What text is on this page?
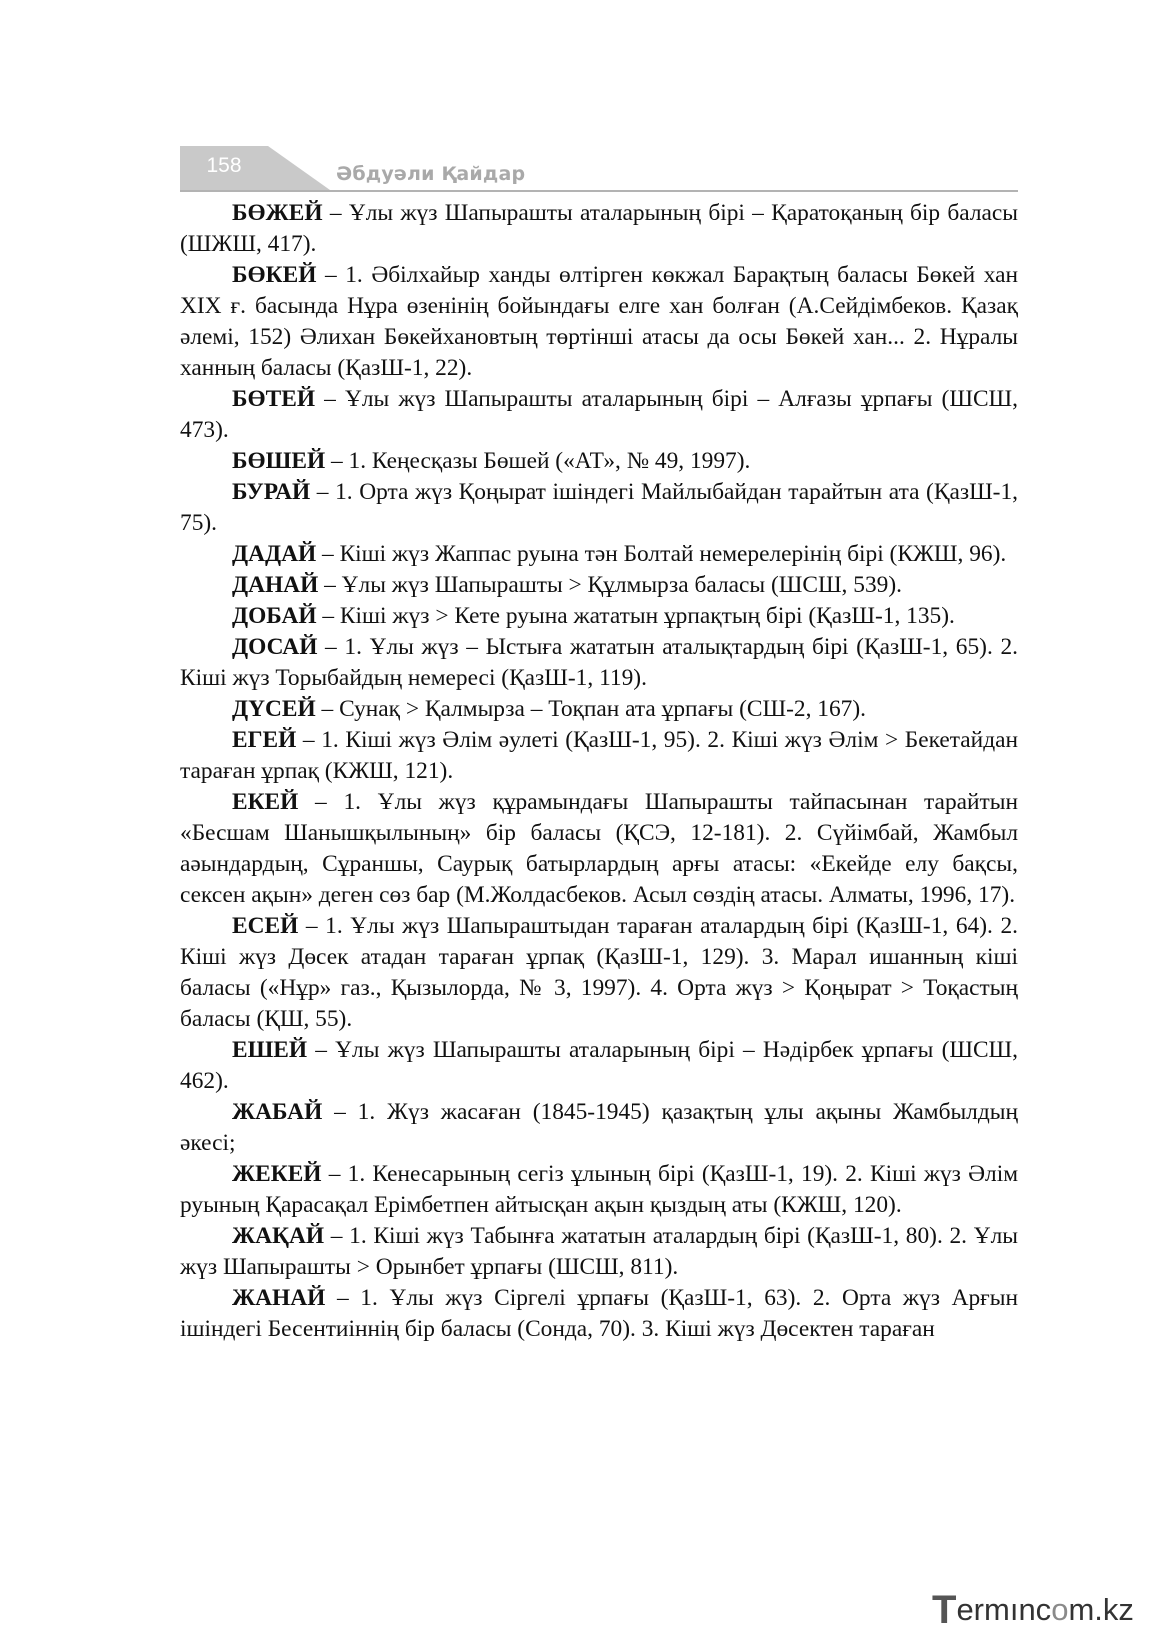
158	Әбдуәли Қайдар

БӨЖЕЙ – Ұлы жүз Шапырашты аталарының бірі – Қаратоқаның бір баласы (ШЖШ, 417).

БӨКЕЙ – 1. Әбілхайыр ханды өлтірген көкжал Барақтың баласы Бөкей хан XIX ғ. басында Нұра өзенінің бойындағы елге хан болған (А.Сейдімбеков. Қазақ әлемі, 152) Әлихан Бөкейхановтың төртінші атасы да осы Бөкей хан... 2. Нұралы ханның баласы (ҚазШ-1, 22).

БӨТЕЙ – Ұлы жүз Шапырашты аталарының бірі – Алғазы ұрпағы (ШСШ, 473).

БӨШЕЙ – 1. Кеңесқазы Бөшей («АТ», № 49, 1997).

БУРАЙ – 1. Орта жүз Қоңырат ішіндегі Майлыбайдан тарайтын ата (ҚазШ-1, 75).

ДАДАЙ – Кіші жүз Жаппас руына тән Болтай немерелерінің бірі (КЖШ, 96).

ДАНАЙ – Ұлы жүз Шапырашты > Құлмырза баласы (ШСШ, 539).

ДОБАЙ – Кіші жүз > Кете руына жататын ұрпақтың бірі (ҚазШ-1, 135).

ДОСАЙ – 1. Ұлы жүз – Ыстыға жататын аталықтардың бірі (ҚазШ-1, 65). 2. Кіші жүз Торыбайдың немересі (ҚазШ-1, 119).

ДҮСЕЙ – Сунақ > Қалмырза – Тоқпан ата ұрпағы (СШ-2, 167).

ЕГЕЙ – 1. Кіші жүз Әлім әулеті (ҚазШ-1, 95). 2. Кіші жүз Әлім > Бекетайдан тараған ұрпақ (КЖШ, 121).

ЕКЕЙ – 1. Ұлы жүз құрамындағы Шапырашты тайпасынан тарайтын «Бесшам Шанышқылының» бір баласы (ҚСЭ, 12-181). 2. Сүйімбай, Жамбыл аәындардың, Сұраншы, Саурық батырлардың арғы атасы: «Екейде елу бақсы, сексен ақын» деген сөз бар (М.Жолдасбеков. Асыл сөздің атасы. Алматы, 1996, 17).

ЕСЕЙ – 1. Ұлы жүз Шапыраштыдан тараған аталардың бірі (ҚазШ-1, 64). 2. Кіші жүз Дөсек атадан тараған ұрпақ (ҚазШ-1, 129). 3. Марал ишанның кіші баласы («Нұр» газ., Қызылорда, № 3, 1997). 4. Орта жүз > Қоңырат > Тоқастың баласы (ҚШ, 55).

ЕШЕЙ – Ұлы жүз Шапырашты аталарының бірі – Нәдірбек ұрпағы (ШСШ, 462).

ЖАБАЙ – 1. Жүз жасаған (1845-1945) қазақтың ұлы ақыны Жамбылдың әкесі;

ЖЕКЕЙ – 1. Кенесарының сегіз ұлының бірі (ҚазШ-1, 19). 2. Кіші жүз Әлім руының Қарасақал Ерімбетпен айтысқан ақын қыздың аты (КЖШ, 120).

ЖАҚАЙ – 1. Кіші жүз Табынға жататын аталардың бірі (ҚазШ-1, 80). 2. Ұлы жүз Шапырашты > Орынбет ұрпағы (ШСШ, 811).

ЖАНАЙ – 1. Ұлы жүз Сіргелі ұрпағы (ҚазШ-1, 63). 2. Орта жүз Арғын ішіндегі Бесентиіннің бір баласы (Сонда, 70). 3. Кіші жүз Дөсектен тараған

Termıncom.kz
